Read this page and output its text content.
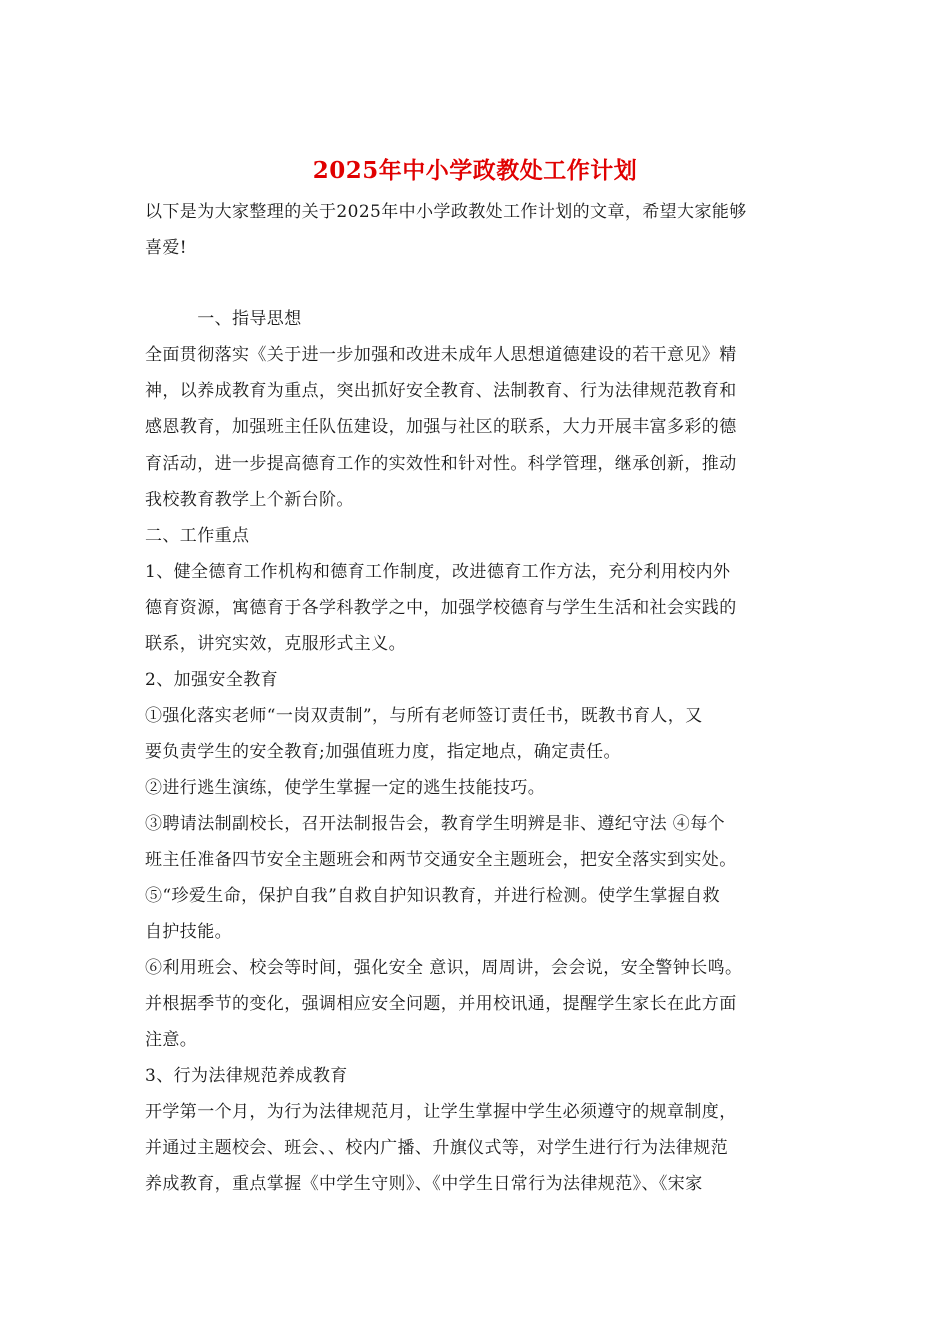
2025年中小学政教处工作计划
以下是为大家整理的关于2025年中小学政教处工作计划的文章，希望大家能够
喜爱!
　　　一、指导思想
全面贯彻落实《关于进一步加强和改进未成年人思想道德建设的若干意见》精
神，以养成教育为重点，突出抓好安全教育、法制教育、行为法律规范教育和
感恩教育，加强班主任队伍建设，加强与社区的联系，大力开展丰富多彩的德
育活动，进一步提高德育工作的实效性和针对性。科学管理，继承创新，推动
我校教育教学上个新台阶。
二、工作重点
1、健全德育工作机构和德育工作制度，改进德育工作方法，充分利用校内外
德育资源，寓德育于各学科教学之中，加强学校德育与学生生活和社会实践的
联系，讲究实效，克服形式主义。
2、加强安全教育
①强化落实老师“一岗双责制”，与所有老师签订责任书，既教书育人，又
要负责学生的安全教育;加强值班力度，指定地点，确定责任。
②进行逃生演练，使学生掌握一定的逃生技能技巧。
③聘请法制副校长，召开法制报告会，教育学生明辨是非、遵纪守法 ④每个
班主任准备四节安全主题班会和两节交通安全主题班会，把安全落实到实处。
⑤“珍爱生命，保护自我”自救自护知识教育，并进行检测。使学生掌握自救
自护技能。
⑥利用班会、校会等时间，强化安全 意识，周周讲，会会说，安全警钟长鸣。
并根据季节的变化，强调相应安全问题，并用校讯通，提醒学生家长在此方面
注意。
3、行为法律规范养成教育
开学第一个月，为行为法律规范月，让学生掌握中学生必须遵守的规章制度，
并通过主题校会、班会、、校内广播、升旗仪式等，对学生进行行为法律规范
养成教育，重点掌握《中学生守则》、《中学生日常行为法律规范》、《宋家
